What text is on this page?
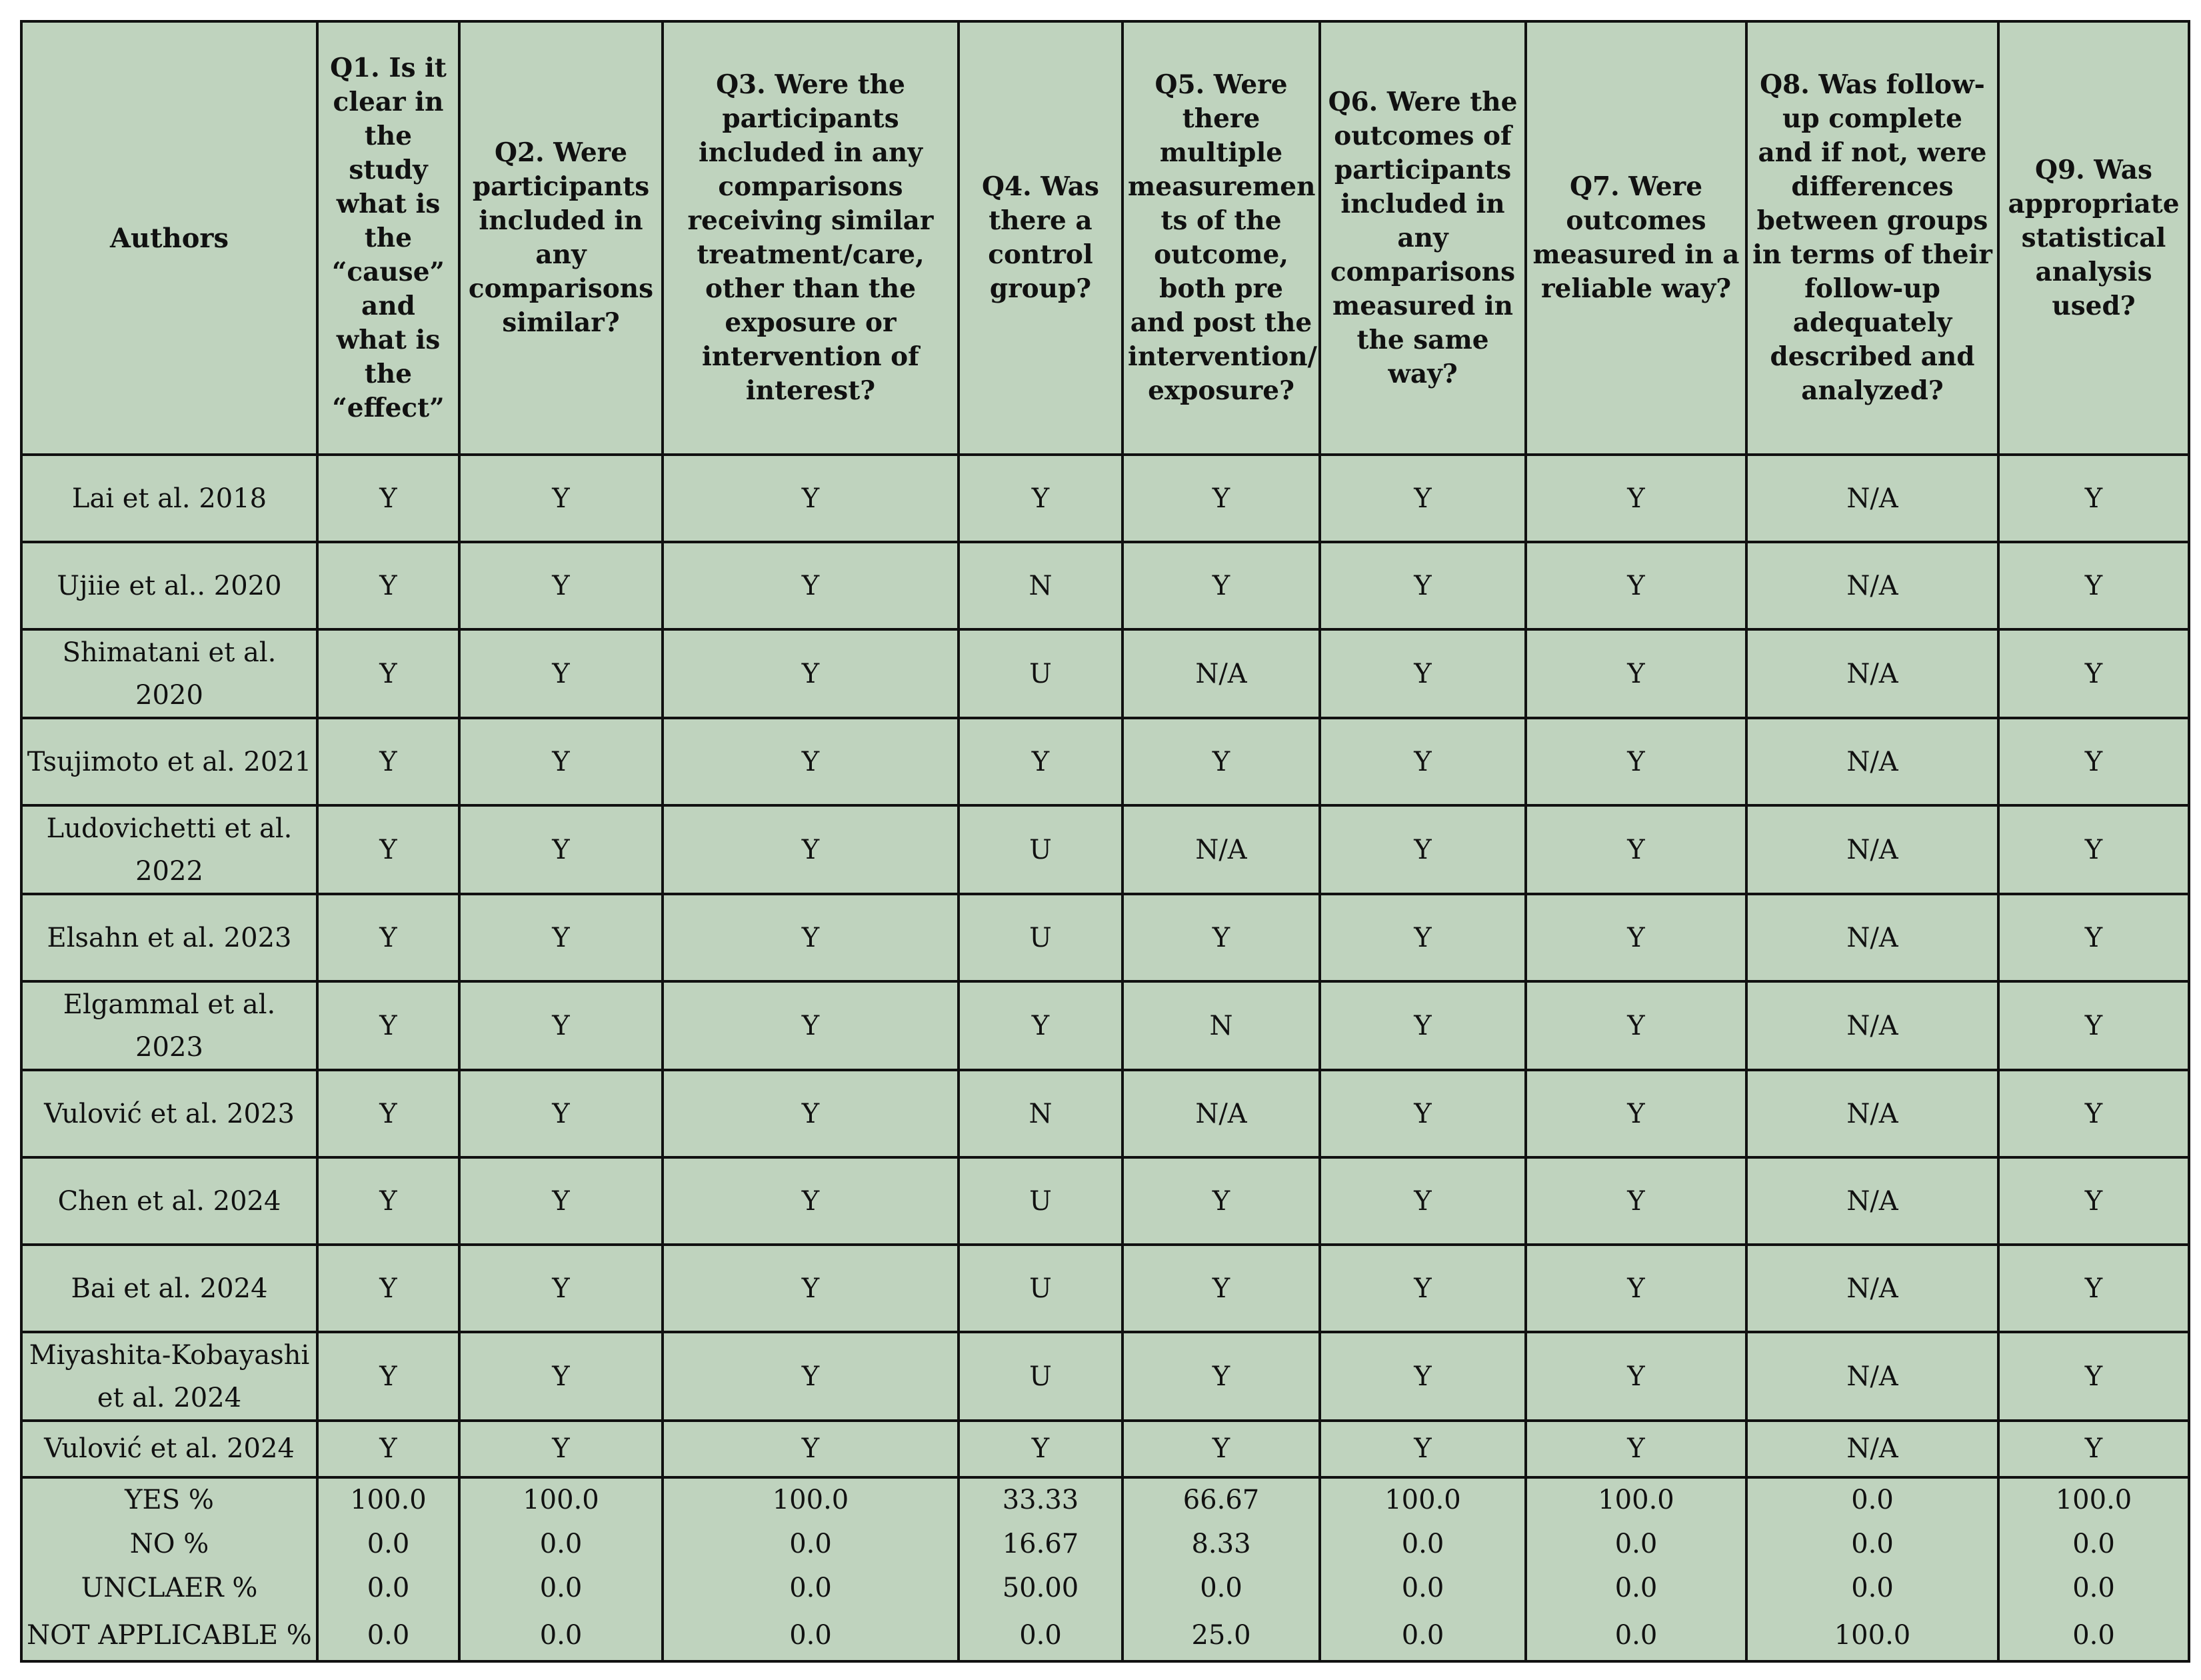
Authors	Q1. Is it clear in the study what is the “cause” and what is the “effect”	Q2. Were participants included in any comparisons similar?	Q3. Were the participants included in any comparisons receiving similar treatment/care, other than the exposure or intervention of interest?	Q4. Was there a control group?	Q5. Were there multiple measuremen ts of the outcome, both pre and post the intervention/ exposure?	Q6. Were the outcomes of participants included in any comparisons measured in the same way?	Q7. Were outcomes measured in a reliable way?	Q8. Was follow-up complete and if not, were differences between groups in terms of their follow-up adequately described and analyzed?	Q9. Was appropriate statistical analysis used?
Lai et al. 2018	Y	Y	Y	Y	Y	Y	Y	N/A	Y
Ujiie et al.. 2020	Y	Y	Y	N	Y	Y	Y	N/A	Y
Shimatani et al. 2020	Y	Y	Y	U	N/A	Y	Y	N/A	Y
Tsujimoto et al. 2021	Y	Y	Y	Y	Y	Y	Y	N/A	Y
Ludovichetti et al. 2022	Y	Y	Y	U	N/A	Y	Y	N/A	Y
Elsahn et al. 2023	Y	Y	Y	U	Y	Y	Y	N/A	Y
Elgammal et al. 2023	Y	Y	Y	Y	N	Y	Y	N/A	Y
Vulović et al. 2023	Y	Y	Y	N	N/A	Y	Y	N/A	Y
Chen et al. 2024	Y	Y	Y	U	Y	Y	Y	N/A	Y
Bai et al. 2024	Y	Y	Y	U	Y	Y	Y	N/A	Y
Miyashita-Kobayashi et al. 2024	Y	Y	Y	U	Y	Y	Y	N/A	Y
Vulović et al. 2024	Y	Y	Y	Y	Y	Y	Y	N/A	Y
YES %	100.0	100.0	100.0	33.33	66.67	100.0	100.0	0.0	100.0
NO %	0.0	0.0	0.0	16.67	8.33	0.0	0.0	0.0	0.0
UNCLAER %	0.0	0.0	0.0	50.00	0.0	0.0	0.0	0.0	0.0
NOT APPLICABLE %	0.0	0.0	0.0	0.0	25.0	0.0	0.0	100.0	0.0
